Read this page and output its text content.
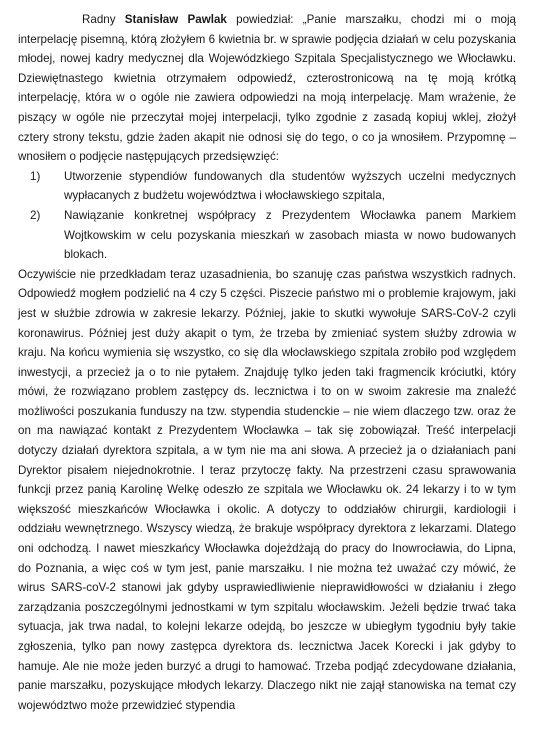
Radny Stanisław Pawlak powiedział: „Panie marszałku, chodzi mi o moją interpelację pisemną, którą złożyłem 6 kwietnia br. w sprawie podjęcia działań w celu pozyskania młodej, nowej kadry medycznej dla Wojewódzkiego Szpitala Specjalistycznego we Włocławku. Dziewiętnastego kwietnia otrzymałem odpowiedź, czterostronicową na tę moją krótką interpelację, która w o ogóle nie zawiera odpowiedzi na moją interpelację. Mam wrażenie, że piszący w ogóle nie przeczytał mojej interpelacji, tylko zgodnie z zasadą kopiuj wklej, złożył cztery strony tekstu, gdzie żaden akapit nie odnosi się do tego, o co ja wnosiłem. Przypomnę – wnosiłem o podjęcie następujących przedsięwzięć:

1) Utworzenie stypendiów fundowanych dla studentów wyższych uczelni medycznych wypłacanych z budżetu województwa i włocławskiego szpitala,
2) Nawiązanie konkretnej współpracy z Prezydentem Włocławka panem Markiem Wojtkowskim w celu pozyskania mieszkań w zasobach miasta w nowo budowanych blokach.

Oczywiście nie przedkładam teraz uzasadnienia, bo szanuję czas państwa wszystkich radnych. Odpowiedź mogłem podzielić na 4 czy 5 części. Piszecie państwo mi o problemie krajowym, jaki jest w służbie zdrowia w zakresie lekarzy. Później, jakie to skutki wywołuje SARS-CoV-2 czyli koronawirus. Później jest duży akapit o tym, że trzeba by zmieniać system służby zdrowia w kraju. Na końcu wymienia się wszystko, co się dla włocławskiego szpitala zrobiło pod względem inwestycji, a przecież ja o to nie pytałem. Znajduję tylko jeden taki fragmencik króciutki, który mówi, że rozwiązano problem zastępcy ds. lecznictwa i to on w swoim zakresie ma znaleźć możliwości poszukania funduszy na tzw. stypendia studenckie – nie wiem dlaczego tzw. oraz że on ma nawiązać kontakt z Prezydentem Włocławka – tak się zobowiązał. Treść interpelacji dotyczy działań dyrektora szpitala, a w tym nie ma ani słowa. A przecież ja o działaniach pani Dyrektor pisałem niejednokrotnie. I teraz przytoczę fakty. Na przestrzeni czasu sprawowania funkcji przez panią Karolinę Welkę odeszło ze szpitala we Włocławku ok. 24 lekarzy i to w tym większość mieszkańców Włocławka i okolic. A dotyczy to oddziałów chirurgii, kardiologii i oddziału wewnętrznego. Wszyscy wiedzą, że brakuje współpracy dyrektora z lekarzami. Dlatego oni odchodzą. I nawet mieszkańcy Włocławka dojeżdżają do pracy do Inowrocławia, do Lipna, do Poznania, a więc coś w tym jest, panie marszałku. I nie można też uważać czy mówić, że wirus SARS-coV-2 stanowi jak gdyby usprawiedliwienie nieprawidłowości w działaniu i złego zarządzania poszczególnymi jednostkami w tym szpitalu włocławskim. Jeżeli będzie trwać taka sytuacja, jak trwa nadal, to kolejni lekarze odejdą, bo jeszcze w ubiegłym tygodniu były takie zgłoszenia, tylko pan nowy zastępca dyrektora ds. lecznictwa Jacek Korecki i jak gdyby to hamuje. Ale nie może jeden burzyć a drugi to hamować. Trzeba podjąć zdecydowane działania, panie marszałku, pozyskujące młodych lekarzy. Dlaczego nikt nie zajął stanowiska na temat czy województwo może przewidzieć stypendia
